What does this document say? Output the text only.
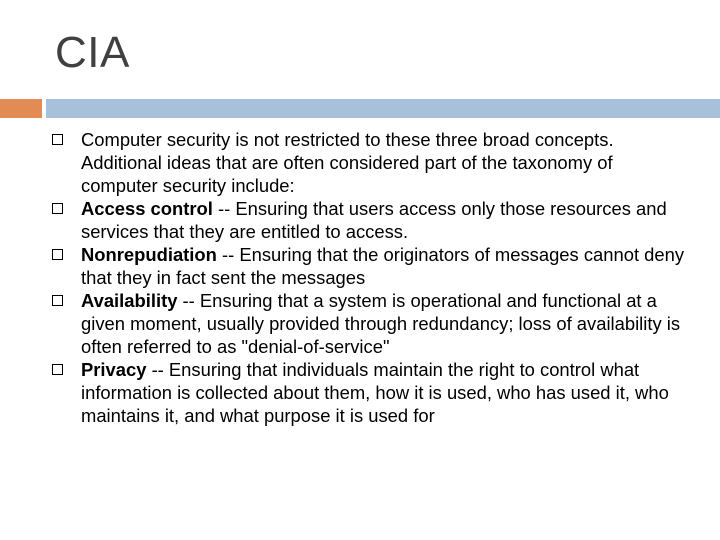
CIA
Computer security is not restricted to these three broad concepts. Additional ideas that are often considered part of the taxonomy of computer security include:
Access control -- Ensuring that users access only those resources and services that they are entitled to access.
Nonrepudiation -- Ensuring that the originators of messages cannot deny that they in fact sent the messages
Availability -- Ensuring that a system is operational and functional at a given moment, usually provided through redundancy; loss of availability is often referred to as "denial-of-service"
Privacy -- Ensuring that individuals maintain the right to control what information is collected about them, how it is used, who has used it, who maintains it, and what purpose it is used for
